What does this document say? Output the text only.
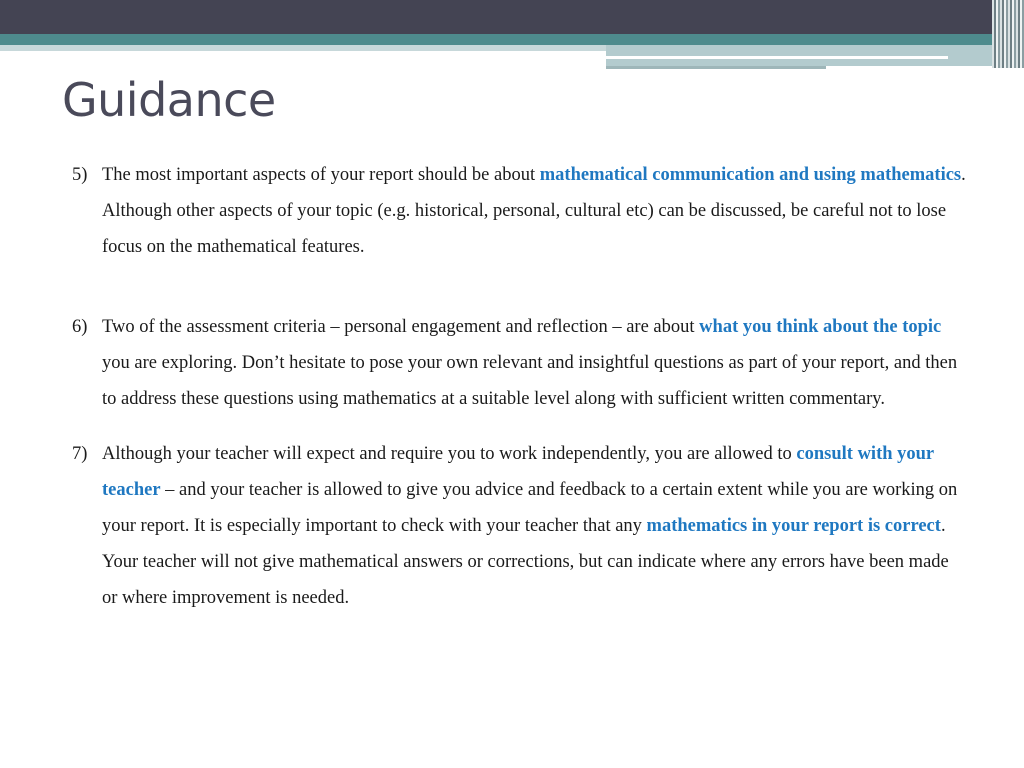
Guidance

5) The most important aspects of your report should be about mathematical communication and using mathematics. Although other aspects of your topic (e.g. historical, personal, cultural etc) can be discussed, be careful not to lose focus on the mathematical features.

6) Two of the assessment criteria – personal engagement and reflection – are about what you think about the topic you are exploring. Don’t hesitate to pose your own relevant and insightful questions as part of your report, and then to address these questions using mathematics at a suitable level along with sufficient written commentary.

7) Although your teacher will expect and require you to work independently, you are allowed to consult with your teacher – and your teacher is allowed to give you advice and feedback to a certain extent while you are working on your report. It is especially important to check with your teacher that any mathematics in your report is correct. Your teacher will not give mathematical answers or corrections, but can indicate where any errors have been made or where improvement is needed.
